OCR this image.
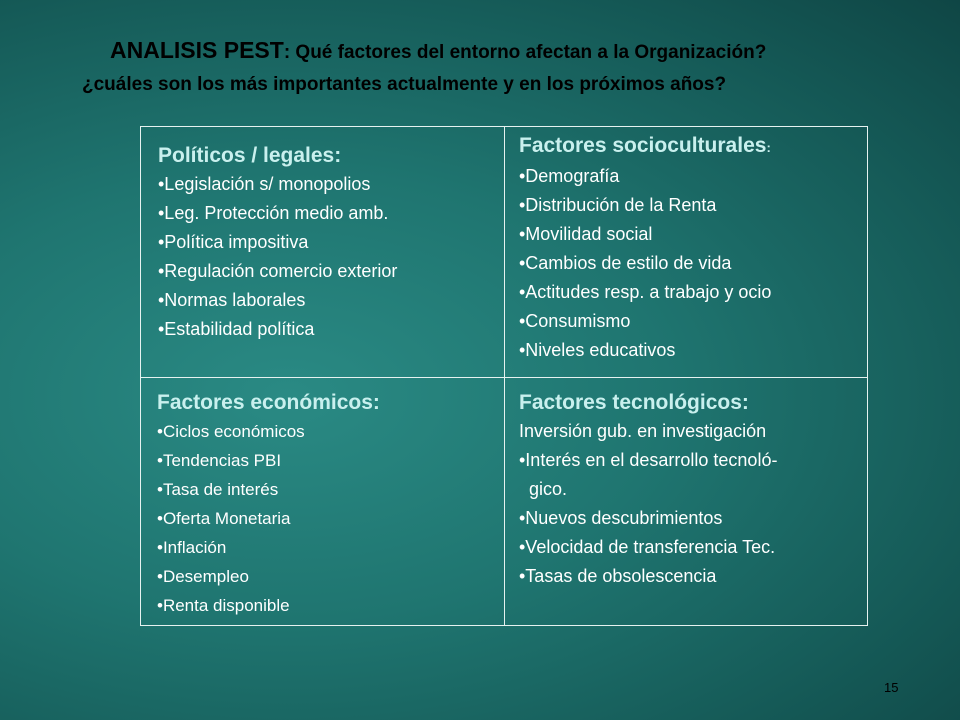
ANALISIS PEST: Qué factores del entorno afectan a la Organización?
¿cuáles son los más importantes actualmente y en los próximos años?
Políticos / legales:
•Legislación s/ monopolios
•Leg. Protección medio amb.
•Política impositiva
•Regulación comercio exterior
•Normas laborales
•Estabilidad política
Factores socioculturales:
•Demografía
•Distribución de la Renta
•Movilidad social
•Cambios de estilo de vida
•Actitudes resp. a trabajo y ocio
•Consumismo
•Niveles educativos
Factores económicos:
•Ciclos económicos
•Tendencias PBI
•Tasa de interés
•Oferta Monetaria
•Inflación
•Desempleo
•Renta disponible
Factores tecnológicos:
Inversión gub. en investigación
•Interés en el desarrollo tecnoló-
gico.
•Nuevos descubrimientos
•Velocidad de transferencia Tec.
•Tasas de obsolescencia
15
